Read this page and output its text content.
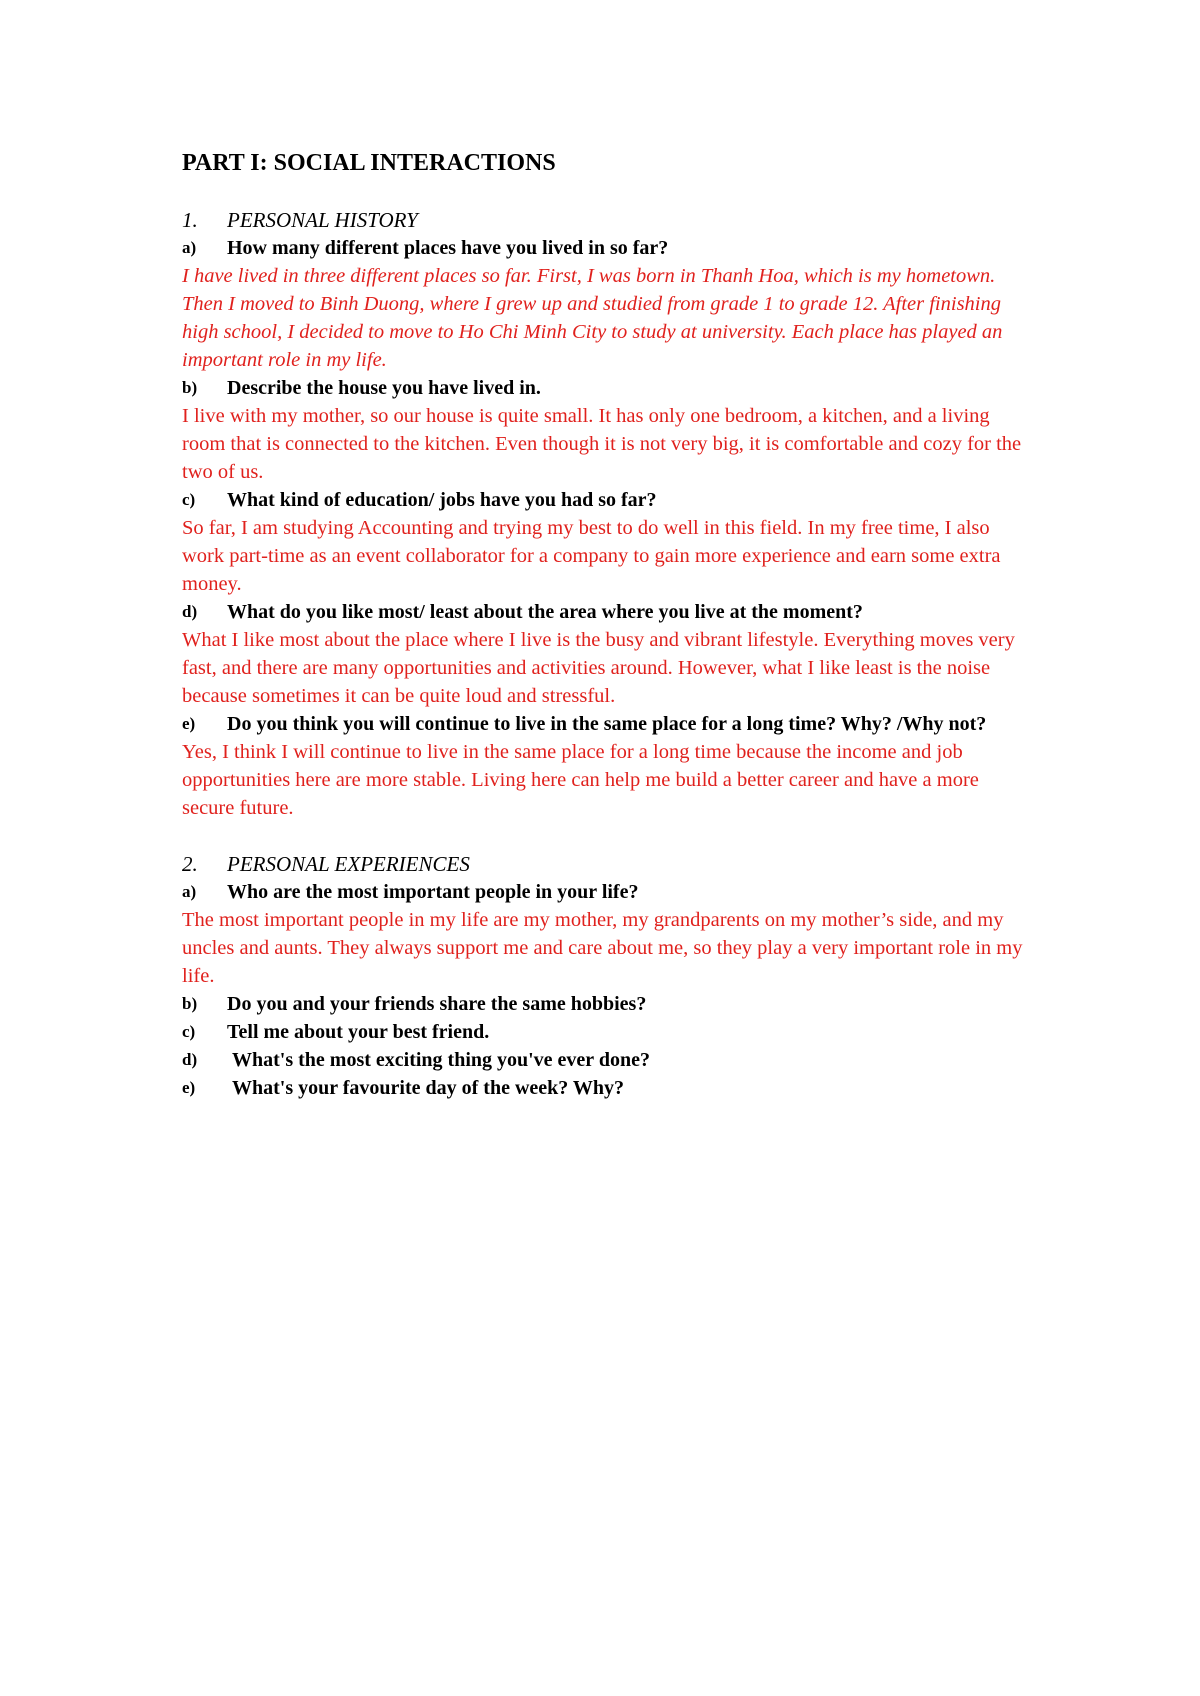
PART I: SOCIAL INTERACTIONS
1.	PERSONAL HISTORY
a)	How many different places have you lived in so far?
I have lived in three different places so far. First, I was born in Thanh Hoa, which is my hometown. Then I moved to Binh Duong, where I grew up and studied from grade 1 to grade 12. After finishing high school, I decided to move to Ho Chi Minh City to study at university. Each place has played an important role in my life.
b)	Describe the house you have lived in.
I live with my mother, so our house is quite small. It has only one bedroom, a kitchen, and a living room that is connected to the kitchen. Even though it is not very big, it is comfortable and cozy for the two of us.
c)	What kind of education/ jobs have you had so far?
So far, I am studying Accounting and trying my best to do well in this field. In my free time, I also work part-time as an event collaborator for a company to gain more experience and earn some extra money.
d)	What do you like most/ least about the area where you live at the moment?
What I like most about the place where I live is the busy and vibrant lifestyle. Everything moves very fast, and there are many opportunities and activities around. However, what I like least is the noise because sometimes it can be quite loud and stressful.
e)	Do you think you will continue to live in the same place for a long time? Why? /Why not?
Yes, I think I will continue to live in the same place for a long time because the income and job opportunities here are more stable. Living here can help me build a better career and have a more secure future.
2.	PERSONAL EXPERIENCES
a)	Who are the most important people in your life?
The most important people in my life are my mother, my grandparents on my mother’s side, and my uncles and aunts. They always support me and care about me, so they play a very important role in my life.
b)	Do you and your friends share the same hobbies?
c)	Tell me about your best friend.
d)	What's the most exciting thing you've ever done?
e)	What's your favourite day of the week? Why?
